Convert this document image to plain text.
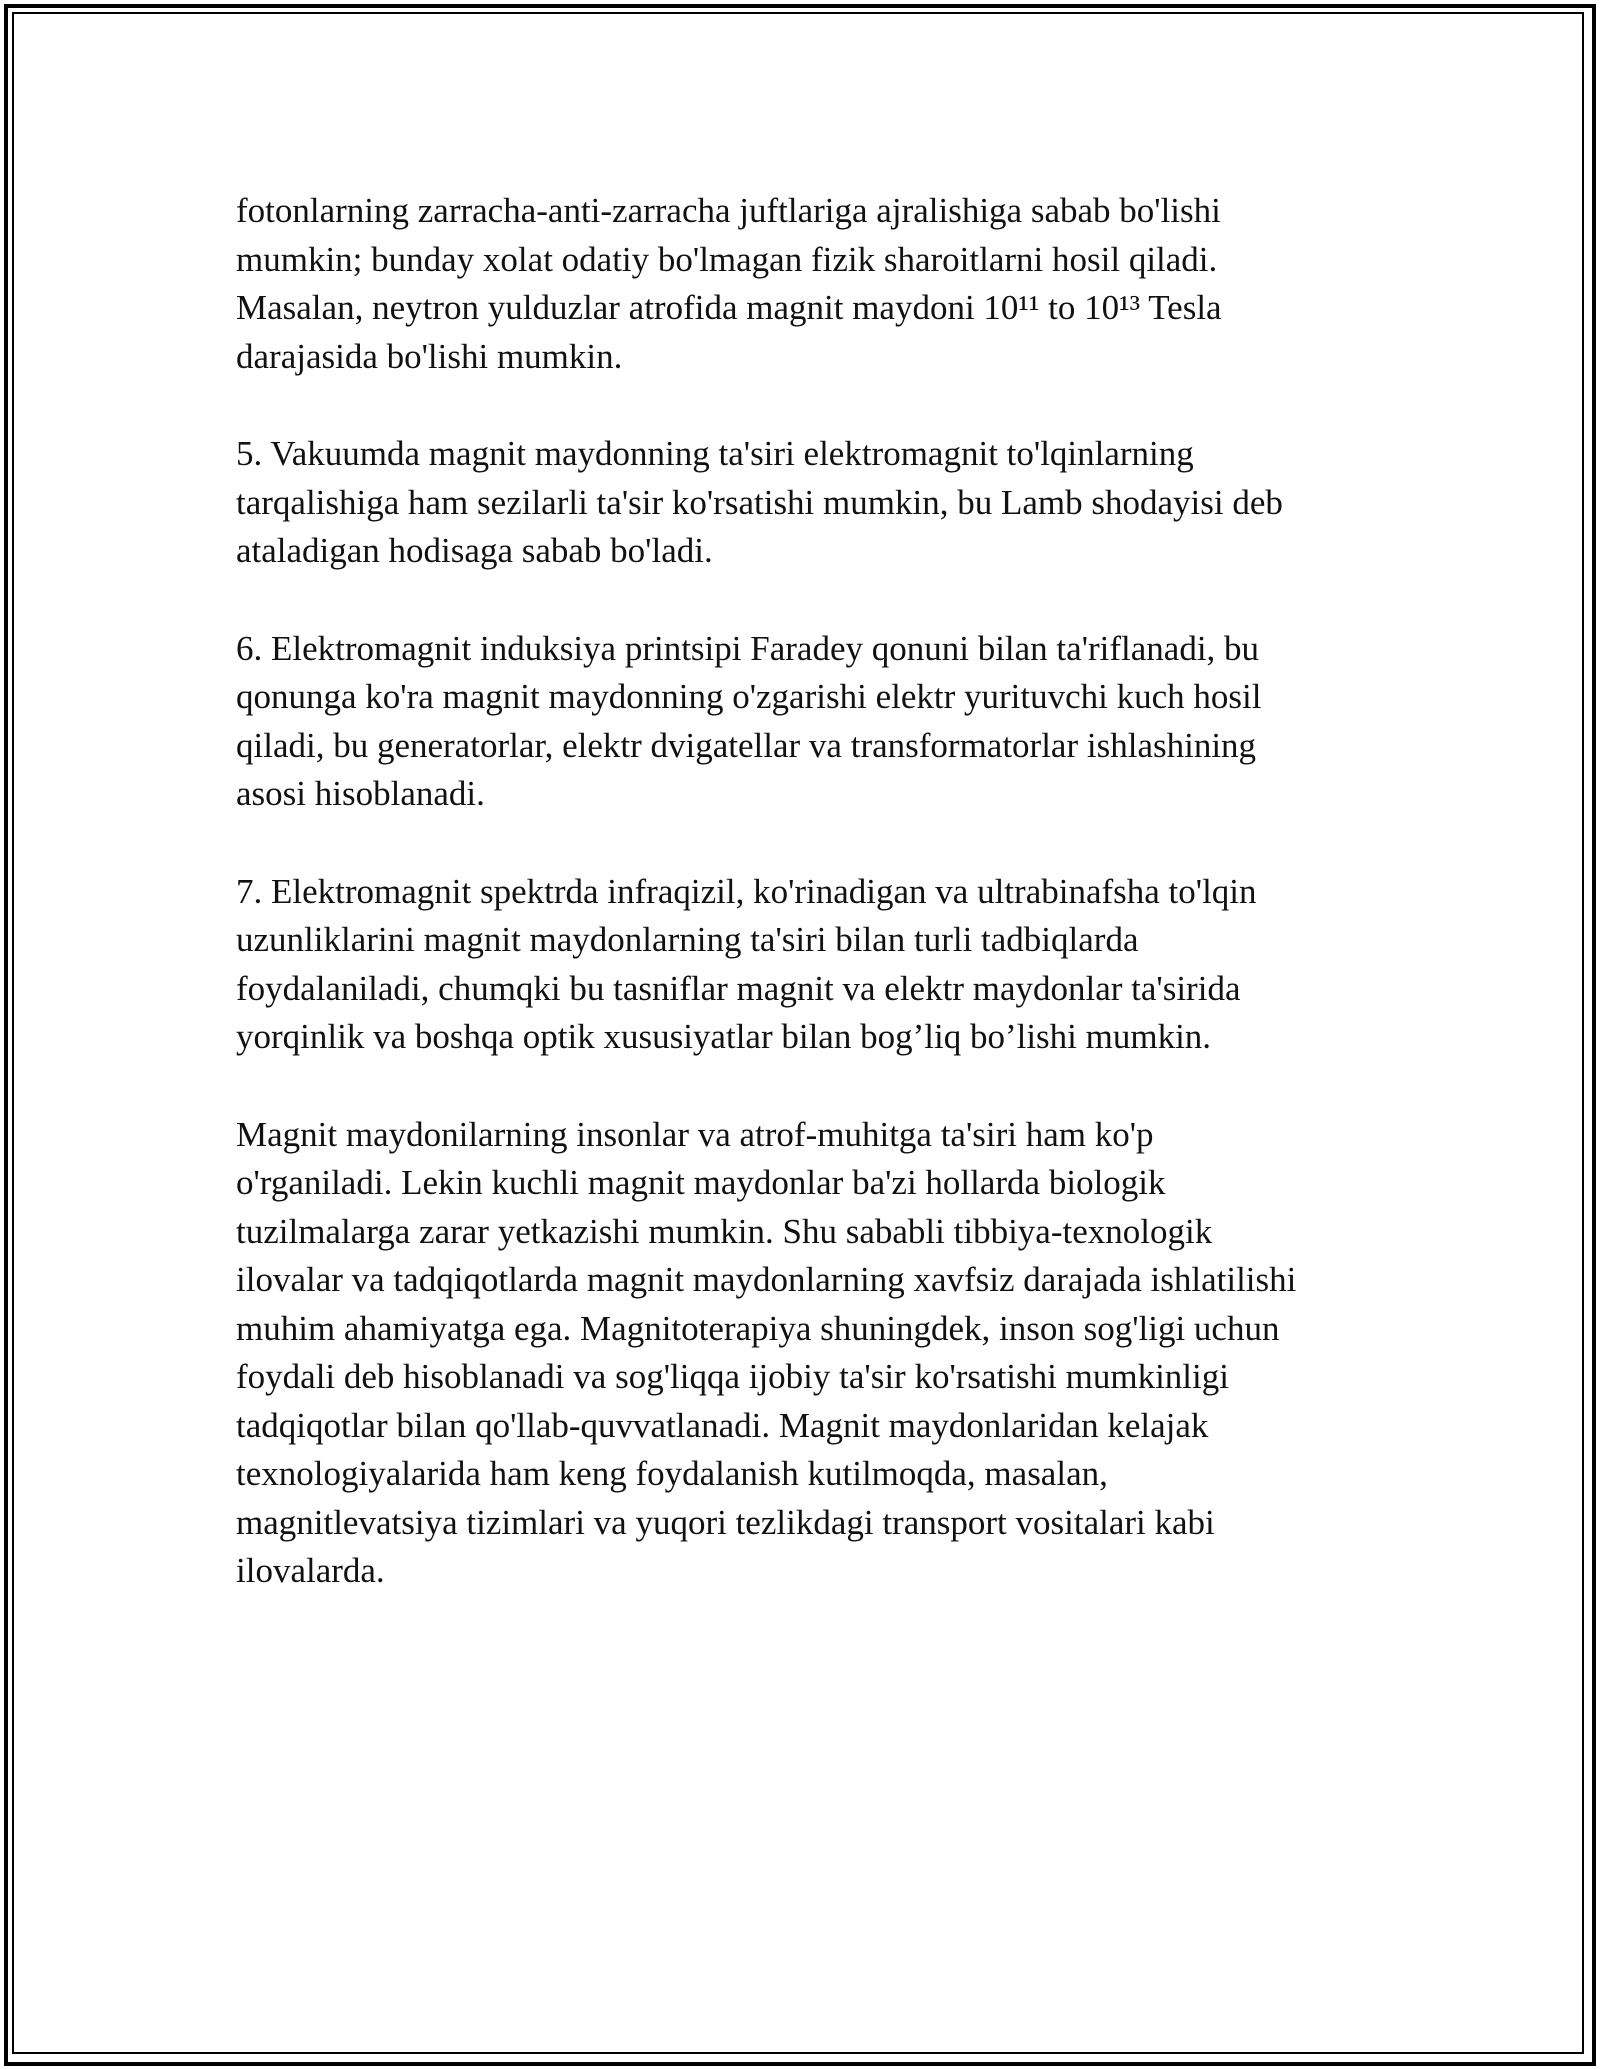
fotonlarning zarracha-anti-zarracha juftlariga ajralishiga sabab bo'lishi
mumkin; bunday xolat odatiy bo'lmagan fizik sharoitlarni hosil qiladi.
Masalan, neytron yulduzlar atrofida magnit maydoni 10¹¹ to 10¹³ Tesla
darajasida bo'lishi mumkin.

5. Vakuumda magnit maydonning ta'siri elektromagnit to'lqinlarning
tarqalishiga ham sezilarli ta'sir ko'rsatishi mumkin, bu Lamb shodayisi deb
ataladigan hodisaga sabab bo'ladi.

6. Elektromagnit induksiya printsipi Faradey qonuni bilan ta'riflanadi, bu
qonunga ko'ra magnit maydonning o'zgarishi elektr yurituvchi kuch hosil
qiladi, bu generatorlar, elektr dvigatellar va transformatorlar ishlashining
asosi hisoblanadi.

7. Elektromagnit spektrda infraqizil, ko'rinadigan va ultrabinafsha to'lqin
uzunliklarini magnit maydonlarning ta'siri bilan turli tadbiqlarda
foydalaniladi, chumqki bu tasniflar magnit va elektr maydonlar ta'sirida
yorqinlik va boshqa optik xususiyatlar bilan bog’liq bo’lishi mumkin.

Magnit maydonilarning insonlar va atrof-muhitga ta'siri ham ko'p
o'rganiladi. Lekin kuchli magnit maydonlar ba'zi hollarda biologik
tuzilmalarga zarar yetkazishi mumkin. Shu sababli tibbiya-texnologik
ilovalar va tadqiqotlarda magnit maydonlarning xavfsiz darajada ishlatilishi
muhim ahamiyatga ega. Magnitoterapiya shuningdek, inson sog'ligi uchun
foydali deb hisoblanadi va sog'liqqa ijobiy ta'sir ko'rsatishi mumkinligi
tadqiqotlar bilan qo'llab-quvvatlanadi. Magnit maydonlaridan kelajak
texnologiyalarida ham keng foydalanish kutilmoqda, masalan,
magnitlevatsiya tizimlari va yuqori tezlikdagi transport vositalari kabi
ilovalarda.
